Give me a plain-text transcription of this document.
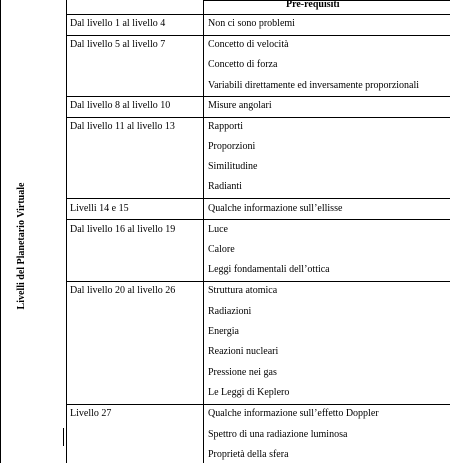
Pre-requisiti
Livelli del Planetario Virtuale
Dal livello 1 al livello 4	Non ci sono problemi
Dal livello 5 al livello 7	Concetto di velocità
Concetto di forza
Variabili direttamente ed inversamente proporzionali
Dal livello 8 al livello 10	Misure angolari
Dal livello 11 al livello 13	Rapporti
Proporzioni
Similitudine
Radianti
Livelli 14 e 15	Qualche informazione sull’ellisse
Dal livello 16 al livello 19	Luce
Calore
Leggi fondamentali dell’ottica
Dal livello 20 al livello 26	Struttura atomica
Radiazioni
Energia
Reazioni nucleari
Pressione nei gas
Le Leggi di Keplero
Livello 27	Qualche informazione sull’effetto Doppler
Spettro di una radiazione luminosa
Proprietà della sfera
